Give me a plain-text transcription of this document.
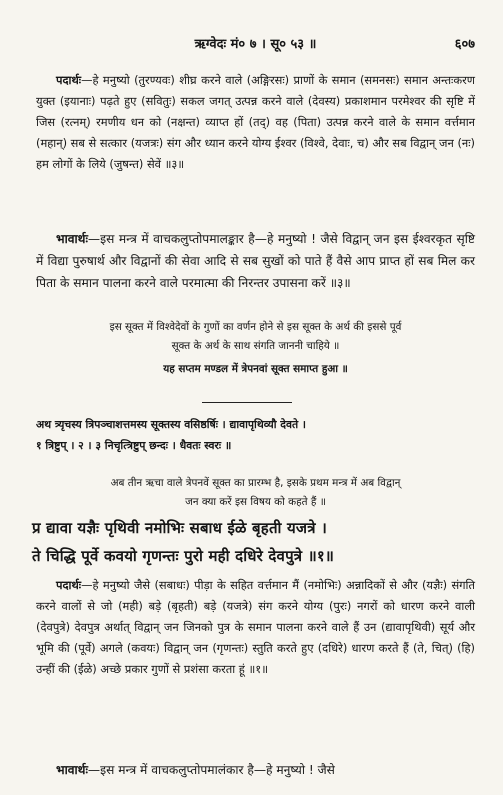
ऋग्वेदः मं० ७ । सू० ५३ ॥	६०७
पदार्थः—हे मनुष्यो (तुरण्यवः) शीघ्र करने वाले (अङ्गिरसः) प्राणों के समान (समनसः) समान अन्तःकरण युक्त (इयानाः) पढ़ते हुए (सवितुः) सकल जगत् उत्पन्न करने वाले (देवस्य) प्रकाशमान परमेश्वर की सृष्टि में जिस (रत्नम्) रमणीय धन को (नक्षन्त) व्याप्त हों (तद्) वह (पिता) उत्पन्न करने वाले के समान वर्त्तमान (महान्) सब से सत्कार (यजत्रः) संग और ध्यान करने योग्य ईश्वर (विश्वे, देवाः, च) और सब विद्वान् जन (नः) हम लोगों के लिये (जुषन्त) सेवें ॥३॥
भावार्थः—इस मन्त्र में वाचकलुप्तोपमालङ्कार है—हे मनुष्यो ! जैसे विद्वान् जन इस ईश्वरकृत सृष्टि में विद्या पुरुषार्थ और विद्वानों की सेवा आदि से सब सुखों को पाते हैं वैसे आप प्राप्त हों सब मिल कर पिता के समान पालना करने वाले परमात्मा की निरन्तर उपासना करें ॥३॥
इस सूक्त में विश्वेदेवों के गुणों का वर्णन होने से इस सूक्त के अर्थ की इससे पूर्व
सूक्त के अर्थ के साथ संगति जाननी चाहिये ॥
यह सप्तम मण्डल में त्रेपनवां सूक्त समाप्त हुआ ॥
अथ त्र्यृचस्य त्रिपञ्चाशत्तमस्य सूक्तस्य वसिष्ठर्षिः । द्यावापृथिव्यौ देवते ।
१ त्रिष्टुप् । २ । ३ निचृत्त्रिष्टुप् छन्दः । धैवतः स्वरः ॥
अब तीन ऋचा वाले त्रेपनवें सूक्त का प्रारम्भ है, इसके प्रथम मन्त्र में अब विद्वान्
जन क्या करें इस विषय को कहते हैं ॥
प्र द्यावा यज्ञैः पृथिवी नमोभिः सबाध ईळे बृहती यजत्रे ।
ते चिद्धि पूर्वे कवयो गृणन्तः पुरो मही दधिरे देवपुत्रे ॥१॥
पदार्थः—हे मनुष्यो जैसे (सबाधः) पीड़ा के सहित वर्त्तमान मैं (नमोभिः) अन्नादिकों से और (यज्ञैः) संगति करने वालों से जो (मही) बड़े (बृहती) बड़े (यजत्रे) संग करने योग्य (पुरः) नगरों को धारण करने वाली (देवपुत्रे) देवपुत्र अर्थात् विद्वान् जन जिनको पुत्र के समान पालना करने वाले हैं उन (द्यावापृथिवी) सूर्य और भूमि की (पूर्वे) अगले (कवयः) विद्वान् जन (गृणन्तः) स्तुति करते हुए (दधिरे) धारण करते हैं (ते, चित्) (हि) उन्हीं की (ईळे) अच्छे प्रकार गुणों से प्रशंसा करता हूं ॥१॥
भावार्थः—इस मन्त्र में वाचकलुप्तोपमालंकार है—हे मनुष्यो ! जैसे
